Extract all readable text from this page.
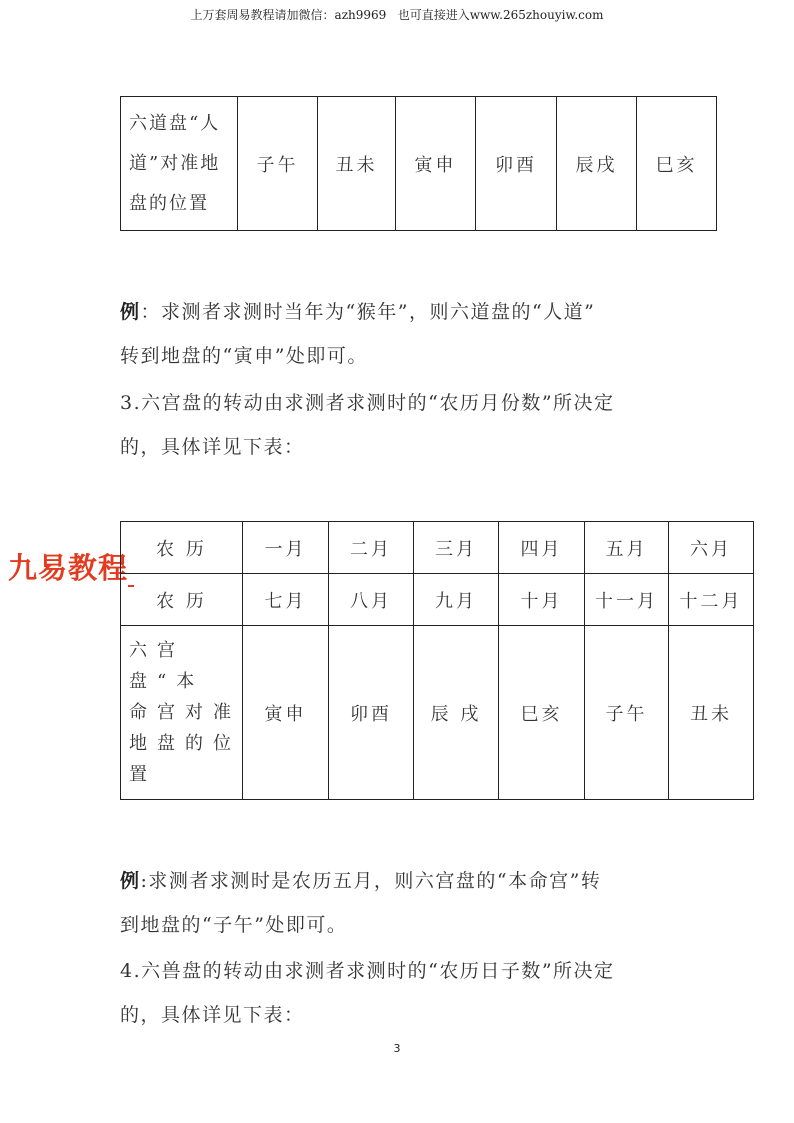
上万套周易教程请加微信：azh9969   也可直接进入www.265zhouyiw.com
六道盘“人
道”对准地
盘的位置
	子午	丑未	寅申	卯酉	辰戌	巳亥

例：求测者求测时当年为“猴年”，则六道盘的“人道”
转到地盘的“寅申”处即可。

3.六宫盘的转动由求测者求测时的“农历月份数”所决定
的，具体详见下表：

九易教程
农 历	一月	二月	三月	四月	五月	六月
农 历	七月	八月	九月	十月	十一月	十二月

六宫盘“本
命宫对准
地盘的位
置	寅申	卯酉	辰 戌	巳亥	子午	丑未

例:求测者求测时是农历五月，则六宫盘的“本命宫”转
到地盘的“子午”处即可。

4.六兽盘的转动由求测者求测时的“农历日子数”所决定
的，具体详见下表：

3
